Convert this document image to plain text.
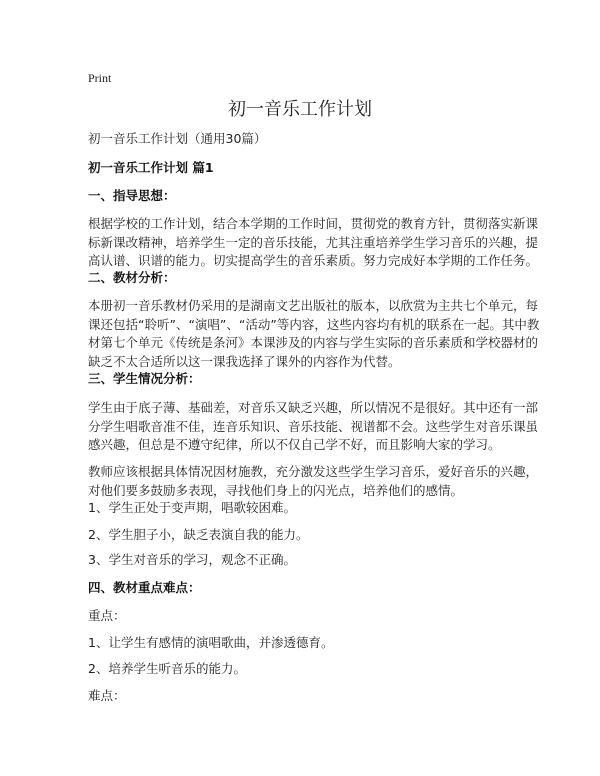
Print
初一音乐工作计划
初一音乐工作计划（通用30篇）
初一音乐工作计划 篇1
一、指导思想：
根据学校的工作计划，结合本学期的工作时间，贯彻党的教育方针，贯彻落实新课
标新课改精神，培养学生一定的音乐技能，尤其注重培养学生学习音乐的兴趣，提
高认谱、识谱的能力。切实提高学生的音乐素质。努力完成好本学期的工作任务。
二、教材分析：
本册初一音乐教材仍采用的是湖南文艺出版社的版本，以欣赏为主共七个单元，每
课还包括“聆听”、“演唱”、“活动”等内容，这些内容均有机的联系在一起。其中教
材第七个单元《传统是条河》本课涉及的内容与学生实际的音乐素质和学校器材的
缺乏不太合适所以这一课我选择了课外的内容作为代替。
三、学生情况分析：
学生由于底子薄、基础差，对音乐又缺乏兴趣，所以情况不是很好。其中还有一部
分学生唱歌音准不佳，连音乐知识、音乐技能、视谱都不会。这些学生对音乐课虽
感兴趣，但总是不遵守纪律，所以不仅自己学不好，而且影响大家的学习。
教师应该根据具体情况因材施教，充分激发这些学生学习音乐，爱好音乐的兴趣，
对他们要多鼓励多表现，寻找他们身上的闪光点，培养他们的感情。
1、学生正处于变声期，唱歌较困难。
2、学生胆子小，缺乏表演自我的能力。
3、学生对音乐的学习，观念不正确。
四、教材重点难点：
重点：
1、让学生有感情的演唱歌曲，并渗透德育。
2、培养学生听音乐的能力。
难点：
